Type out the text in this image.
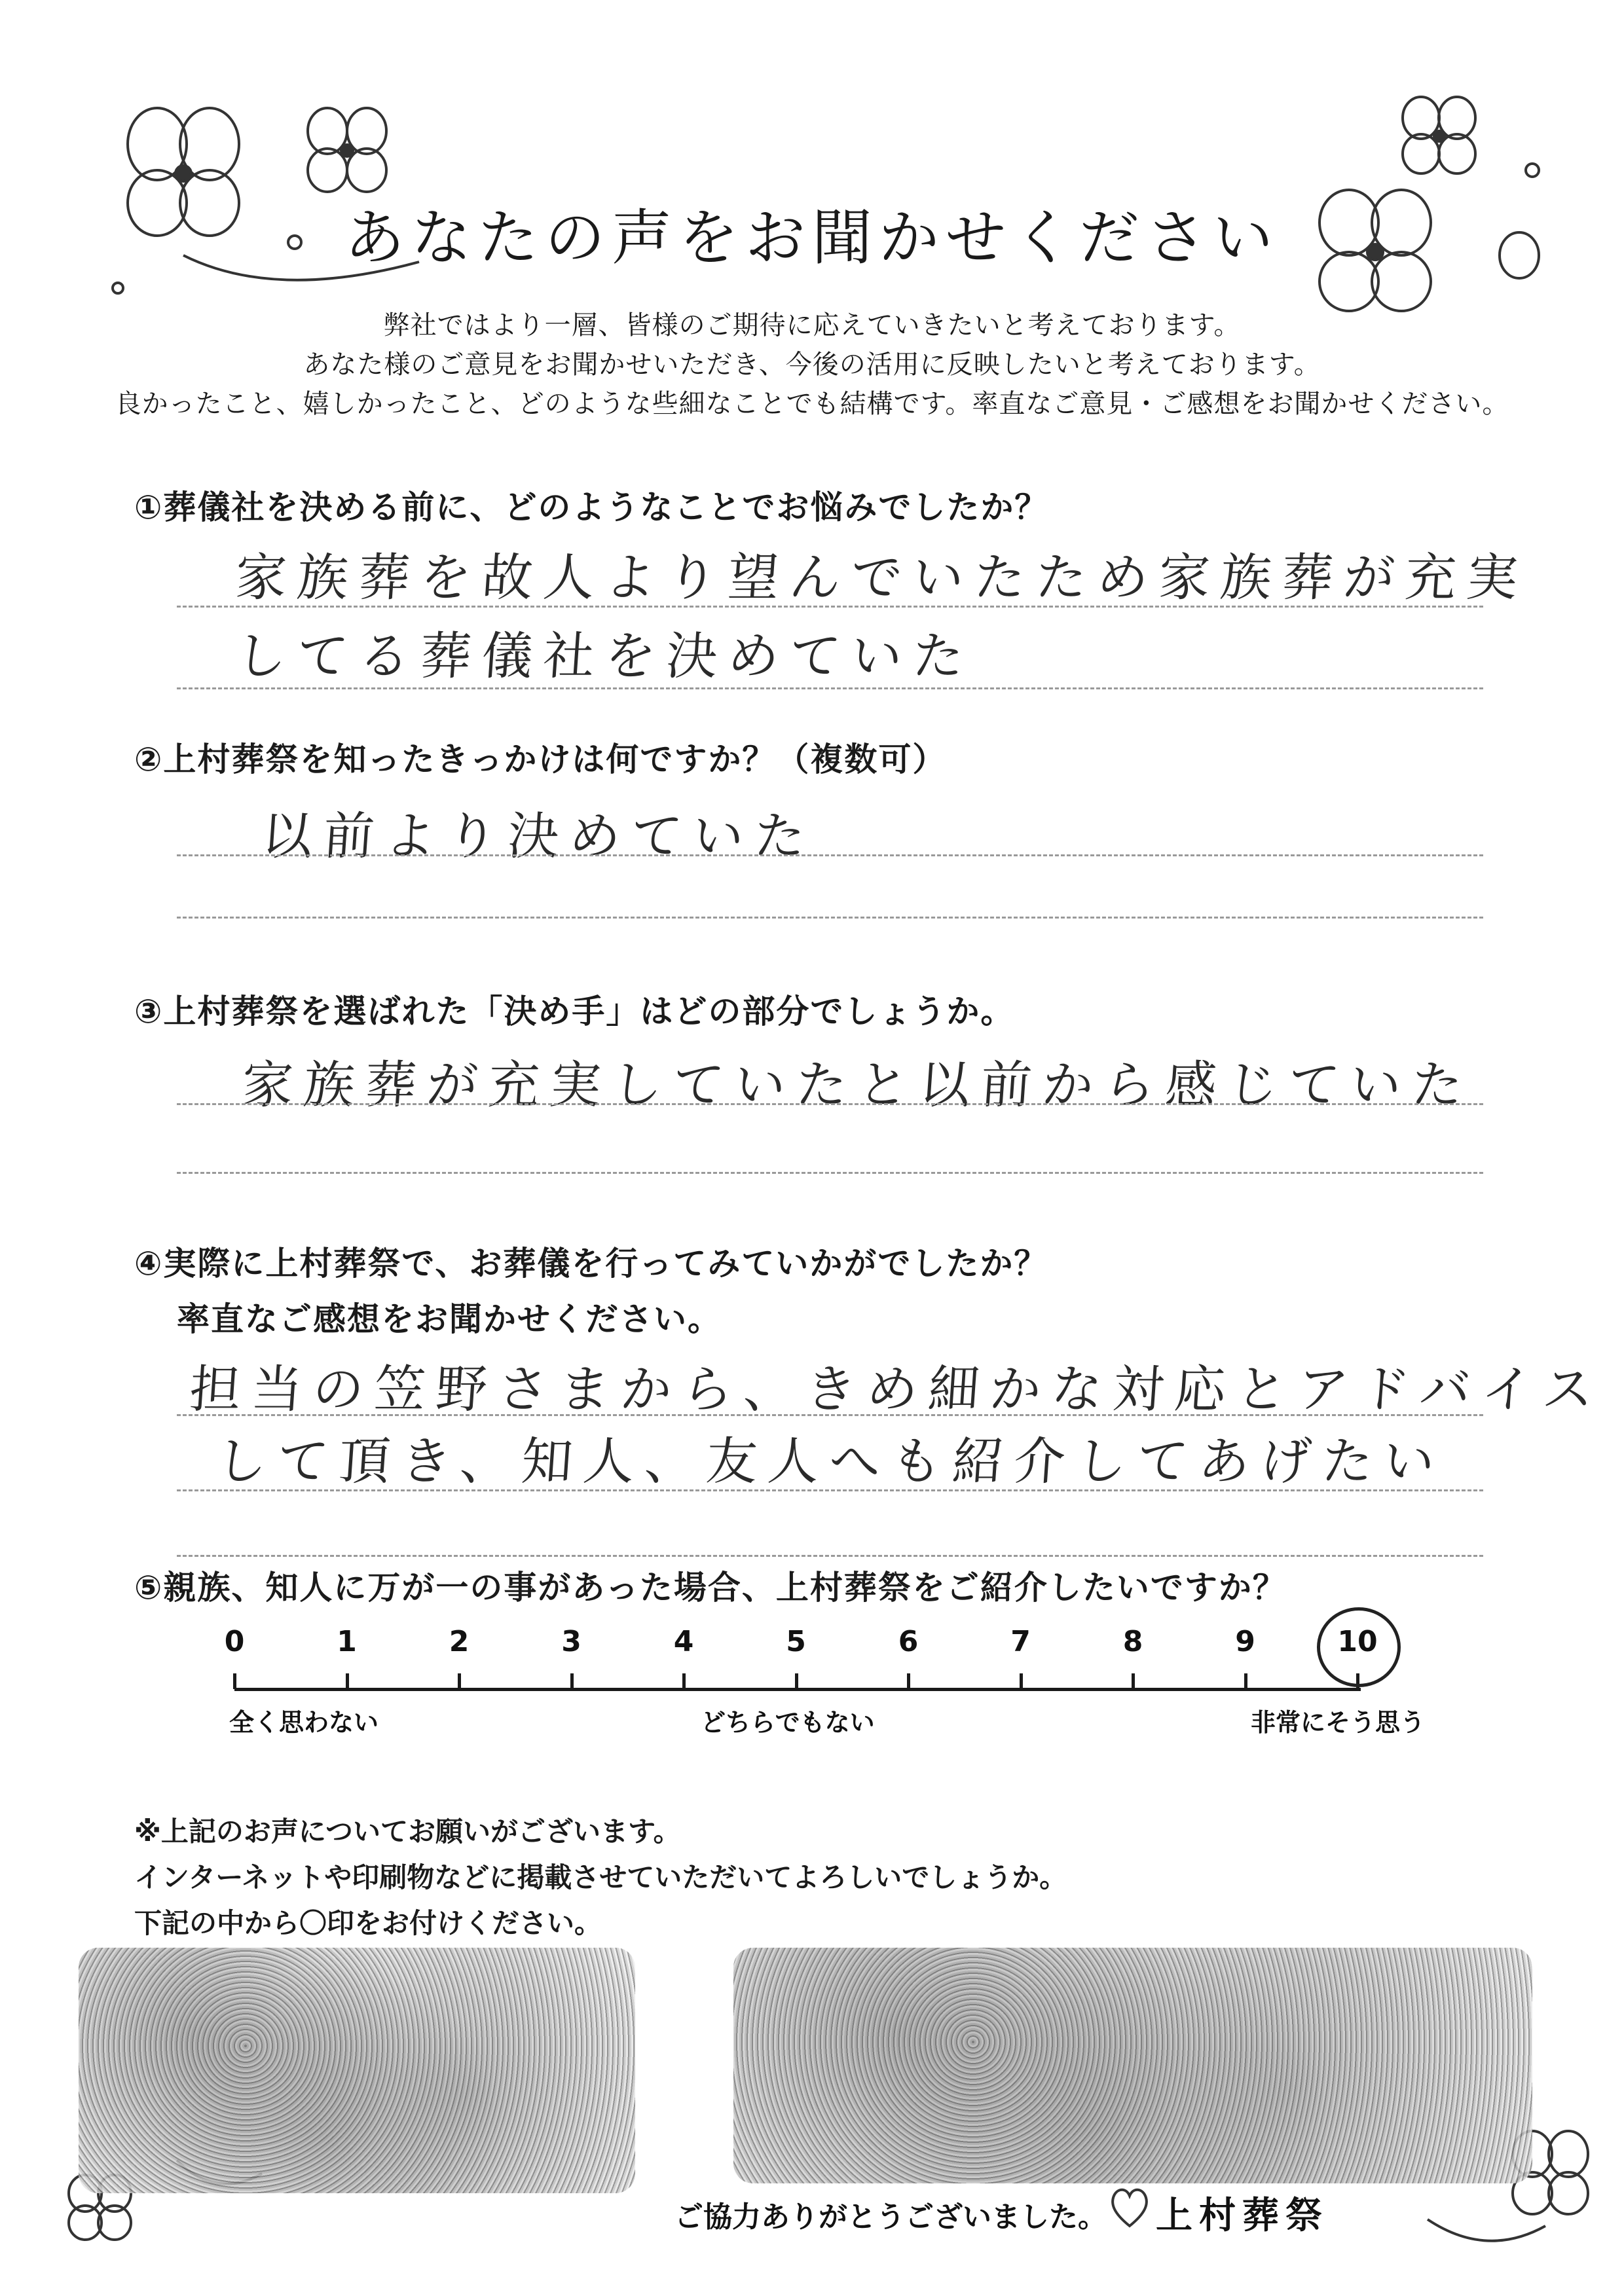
あなたの声をお聞かせください
弊社ではより一層、皆様のご期待に応えていきたいと考えております。
あなた様のご意見をお聞かせいただき、今後の活用に反映したいと考えております。
良かったこと、嬉しかったこと、どのような些細なことでも結構です。率直なご意見・ご感想をお聞かせください。
①葬儀社を決める前に、どのようなことでお悩みでしたか？
家族葬を故人より望んでいたため家族葬が充実
してる葬儀社を決めていた
②上村葬祭を知ったきっかけは何ですか？（複数可）
以前より決めていた
③上村葬祭を選ばれた「決め手」はどの部分でしょうか。
家族葬が充実していたと以前から感じていた
④実際に上村葬祭で、お葬儀を行ってみていかがでしたか？
率直なご感想をお聞かせください。
担当の笠野さまから、きめ細かな対応とアドバイス
して頂き、知人、友人へも紹介してあげたい
⑤親族、知人に万が一の事があった場合、上村葬祭をご紹介したいですか？
0	1	2	3	4	5	6	7	8	9	10
全く思わない	どちらでもない	非常にそう思う
※上記のお声についてお願いがございます。
インターネットや印刷物などに掲載させていただいてよろしいでしょうか。
下記の中から〇印をお付けください。
ご協力ありがとうございました。 上村葬祭
